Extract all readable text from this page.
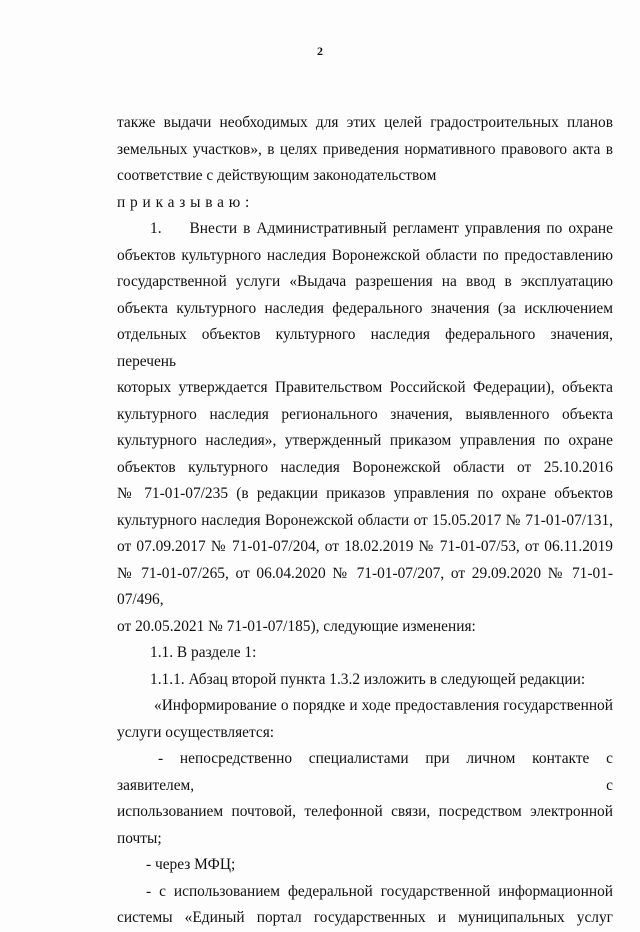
2

также выдачи необходимых для этих целей градостроительных планов

земельных участков», в целях приведения нормативного правового акта в

соответствие с действующим законодательством

приказываю:

1. Внести в Административный регламент управления по охране

объектов культурного наследия Воронежской области по предоставлению

государственной услуги «Выдача разрешения на ввод в эксплуатацию

объекта культурного наследия федерального значения (за исключением

отдельных объектов культурного наследия федерального значения, перечень

которых утверждается Правительством Российской Федерации), объекта

культурного наследия регионального значения, выявленного объекта

культурного наследия», утвержденный приказом управления по охране

объектов культурного наследия Воронежской области от 25.10.2016

№ 71-01-07/235 (в редакции приказов управления по охране объектов

культурного наследия Воронежской области от 15.05.2017 № 71-01-07/131,

от 07.09.2017 № 71-01-07/204, от 18.02.2019 № 71-01-07/53, от 06.11.2019

№ 71-01-07/265, от 06.04.2020 № 71-01-07/207, от 29.09.2020 № 71-01-07/496,

от 20.05.2021 № 71-01-07/185), следующие изменения:

1.1. В разделе 1:

1.1.1. Абзац второй пункта 1.3.2 изложить в следующей редакции:

«Информирование о порядке и ходе предоставления государственной

услуги осуществляется:

- непосредственно специалистами при личном контакте с заявителем, с

использованием почтовой, телефонной связи, посредством электронной

почты;

- через МФЦ;

- с использованием федеральной государственной информационной

системы «Единый портал государственных и муниципальных услуг
